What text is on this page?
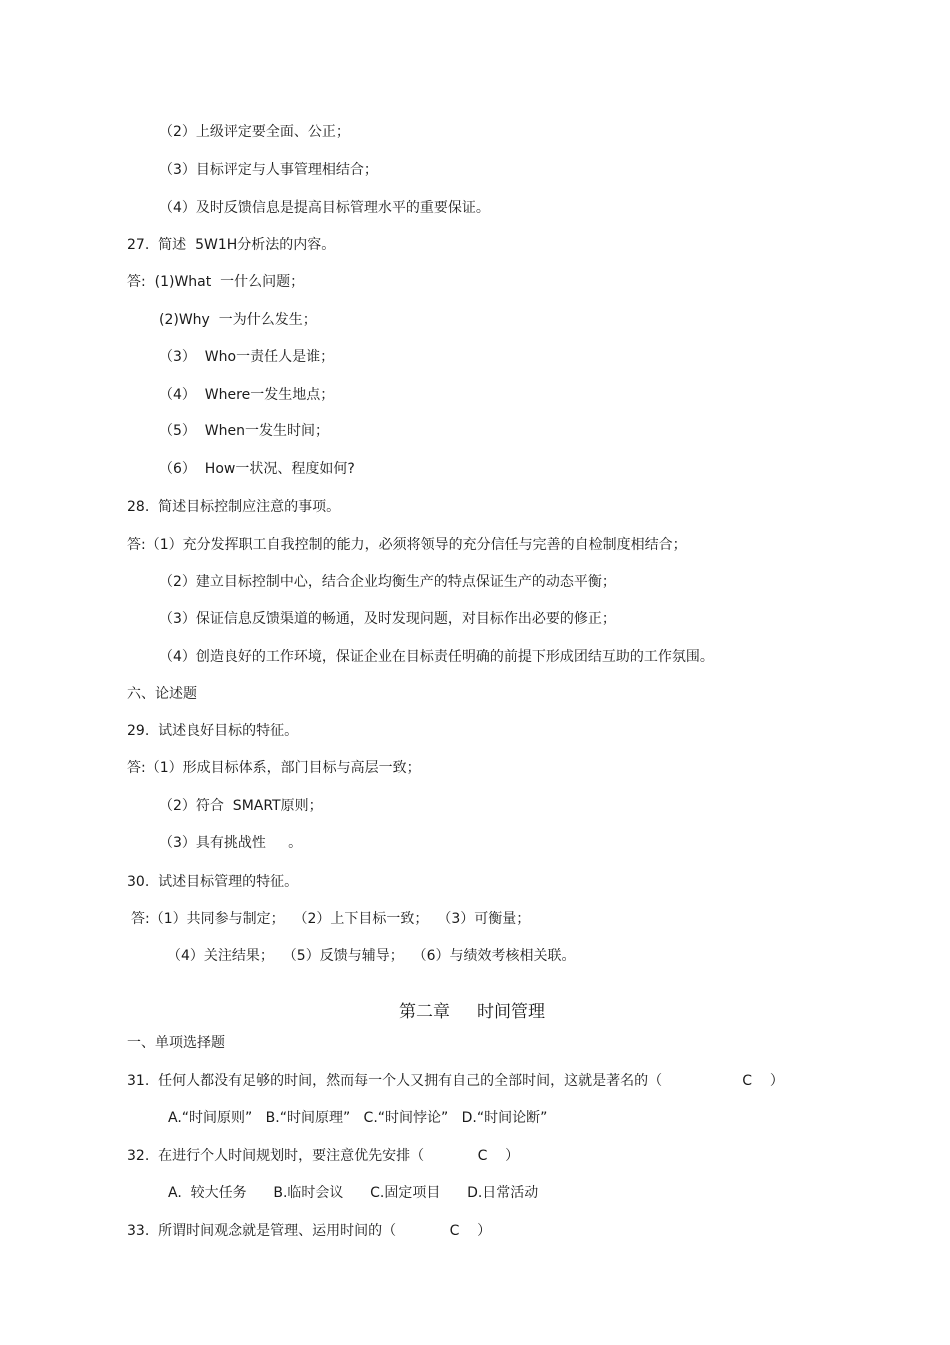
（2）上级评定要全面、公正；
（3）目标评定与人事管理相结合；
（4）及时反馈信息是提高目标管理水平的重要保证。
27.  简述  5W1H分析法的内容。
答:  (1)What  一什么问题；
(2)Why  一为什么发生；
（3）  Who一责任人是谁；
（4）  Where一发生地点；
（5）  When一发生时间；
（6）  How一状况、程度如何?
28.  简述目标控制应注意的事项。
答:（1）充分发挥职工自我控制的能力，必须将领导的充分信任与完善的自检制度相结合；
（2）建立目标控制中心，结合企业均衡生产的特点保证生产的动态平衡；
（3）保证信息反馈渠道的畅通，及时发现问题，对目标作出必要的修正；
（4）创造良好的工作环境，保证企业在目标责任明确的前提下形成团结互助的工作氛围。
六、论述题
29.  试述良好目标的特征。
答:（1）形成目标体系，部门目标与高层一致；
（2）符合  SMART原则；
（3）具有挑战性     。
30.  试述目标管理的特征。
答:（1）共同参与制定；  （2）上下目标一致；  （3）可衡量；
（4）关注结果；  （5）反馈与辅导；  （6）与绩效考核相关联。
第二章     时间管理
一、单项选择题
31.  任何人都没有足够的时间，然而每一个人又拥有自己的全部时间，这就是著名的（                  C    ）
A.“时间原则”   B.“时间原理”   C.“时间悖论”   D.“时间论断”
32.  在进行个人时间规划时，要注意优先安排（            C    ）
A.  较大任务      B.临时会议      C.固定项目      D.日常活动
33.  所谓时间观念就是管理、运用时间的（            C    ）
